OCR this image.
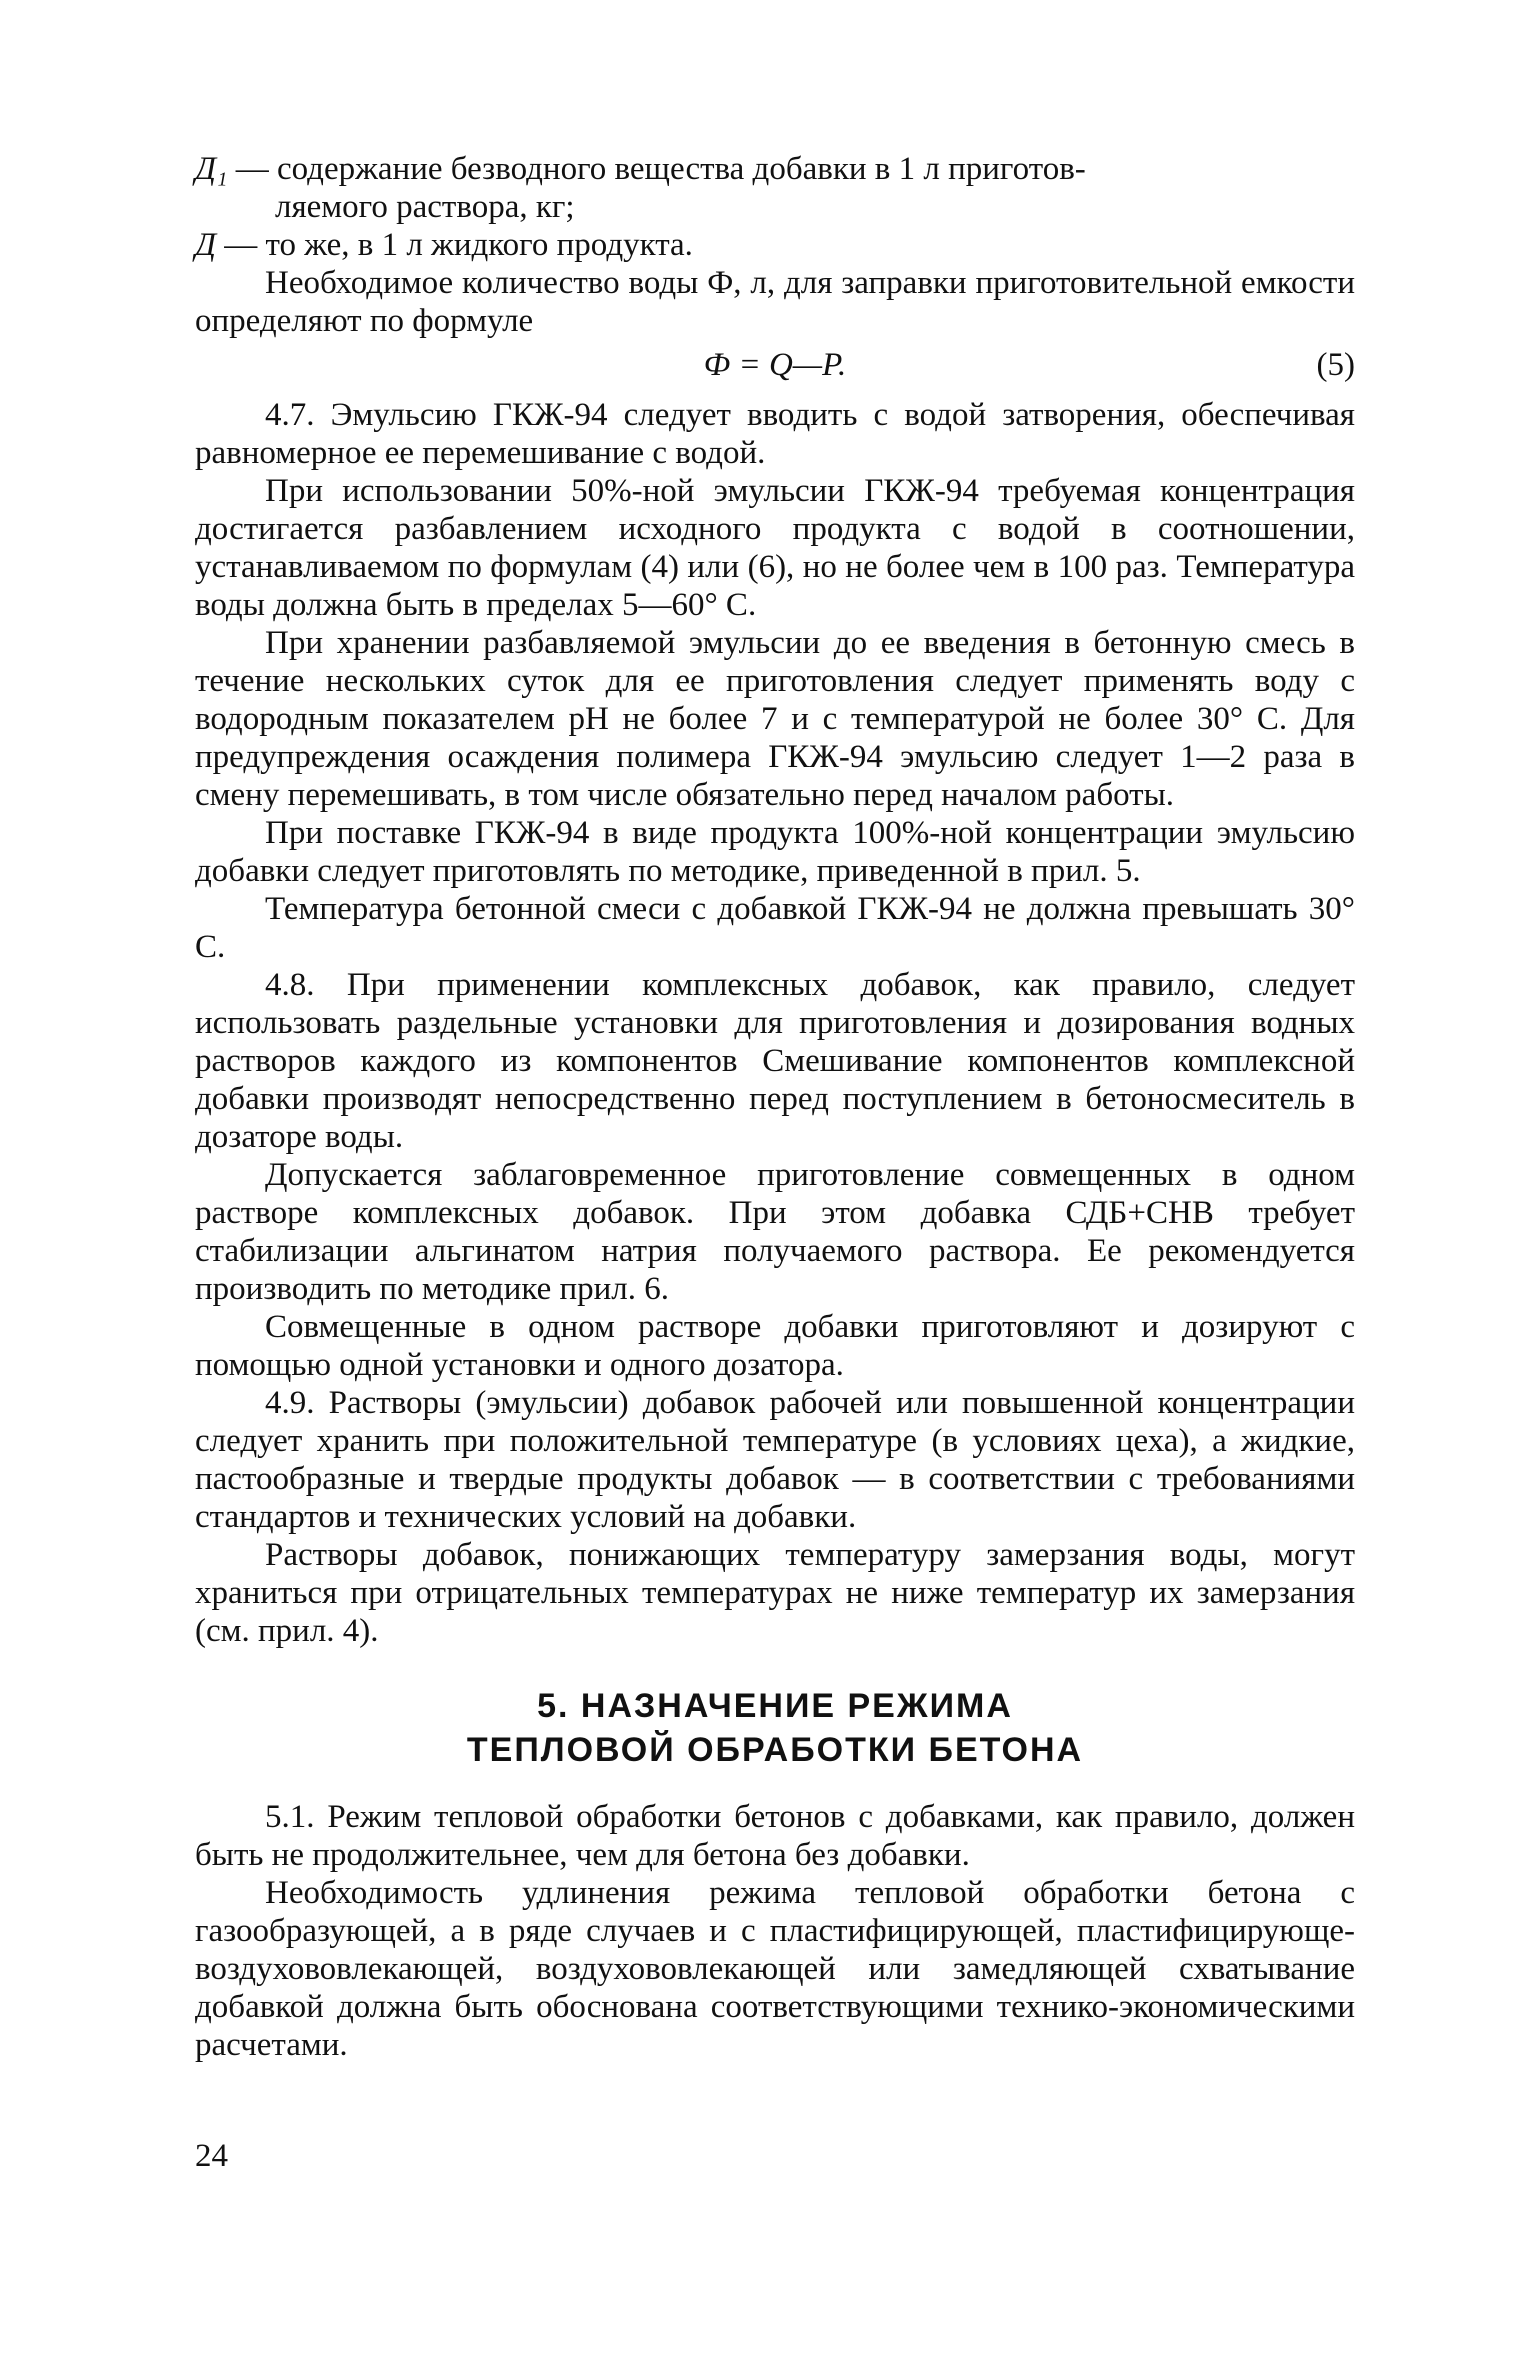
Д₁ — содержание безводного вещества добавки в 1 л приготов-
ляемого раствора, кг;
Д — то же, в 1 л жидкого продукта.

Необходимое количество воды Ф, л, для заправки приготовительной емкости определяют по формуле

Ф = Q—P.	(5)

4.7. Эмульсию ГКЖ-94 следует вводить с водой затворения, обеспечивая равномерное ее перемешивание с водой.

При использовании 50%-ной эмульсии ГКЖ-94 требуемая концентрация достигается разбавлением исходного продукта с водой в соотношении, устанавливаемом по формулам (4) или (6), но не более чем в 100 раз. Температура воды должна быть в пределах 5—60° С.

При хранении разбавляемой эмульсии до ее введения в бетонную смесь в течение нескольких суток для ее приготовления следует применять воду с водородным показателем pH не более 7 и с температурой не более 30° С. Для предупреждения осаждения полимера ГКЖ-94 эмульсию следует 1—2 раза в смену перемешивать, в том числе обязательно перед началом работы.

При поставке ГКЖ-94 в виде продукта 100%-ной концентрации эмульсию добавки следует приготовлять по методике, приведенной в прил. 5.

Температура бетонной смеси с добавкой ГКЖ-94 не должна превышать 30° С.

4.8. При применении комплексных добавок, как правило, следует использовать раздельные установки для приготовления и дозирования водных растворов каждого из компонентов Смешивание компонентов комплексной добавки производят непосредственно перед поступлением в бетоносмеситель в дозаторе воды.

Допускается заблаговременное приготовление совмещенных в одном растворе комплексных добавок. При этом добавка СДБ+СНВ требует стабилизации альгинатом натрия получаемого раствора. Ее рекомендуется производить по методике прил. 6.

Совмещенные в одном растворе добавки приготовляют и дозируют с помощью одной установки и одного дозатора.

4.9. Растворы (эмульсии) добавок рабочей или повышенной концентрации следует хранить при положительной температуре (в условиях цеха), а жидкие, пастообразные и твердые продукты добавок — в соответствии с требованиями стандартов и технических условий на добавки.

Растворы добавок, понижающих температуру замерзания воды, могут храниться при отрицательных температурах не ниже температур их замерзания (см. прил. 4).

5. НАЗНАЧЕНИЕ РЕЖИМА
ТЕПЛОВОЙ ОБРАБОТКИ БЕТОНА

5.1. Режим тепловой обработки бетонов с добавками, как правило, должен быть не продолжительнее, чем для бетона без добавки.

Необходимость удлинения режима тепловой обработки бетона с газообразующей, а в ряде случаев и с пластифицирующей, пластифицирующе-воздухововлекающей, воздухововлекающей или замедляющей схватывание добавкой должна быть обоснована соответствующими технико-экономическими расчетами.

24
